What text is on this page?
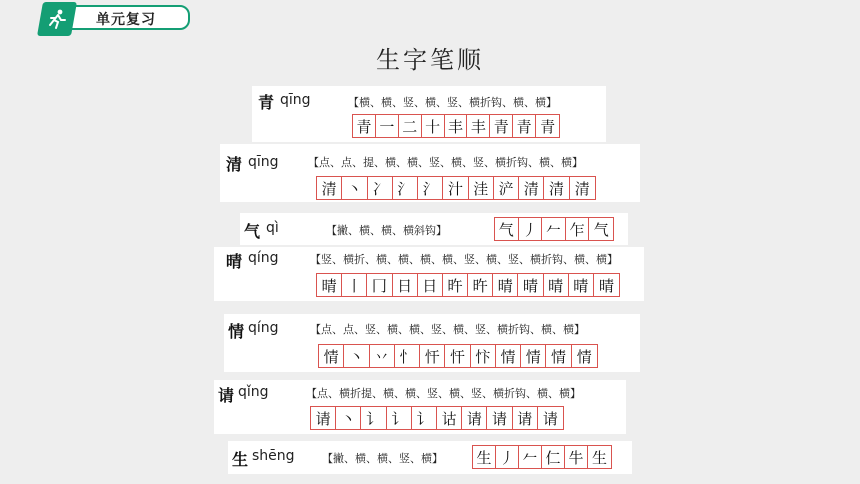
单元复习
生字笔顺
青 qīng	【横、横、竖、横、竖、横折钩、横、横】
青 一 二 十 丰 丰 青 青 青
清 qīng	【点、点、提、横、横、竖、横、竖、横折钩、横、横】
清 丶 冫 氵 氵 汁 洼 浐 清 清 清
气 qì	【撇、横、横、横斜钩】	气 丿 𠂉 乍 气
晴 qíng	【竖、横折、横、横、横、横、竖、横、竖、横折钩、横、横】
晴 丨 冂 日 日 旿 旿 晴 晴 晴 晴 晴
情 qíng	【点、点、竖、横、横、竖、横、竖、横折钩、横、横】
情 丶 丷 忄 忓 忓 忭 情 情 情 情
请 qǐng	【点、横折提、横、横、竖、横、竖、横折钩、横、横】
请 丶 讠 讠 讠 诂 请 请 请 请
生 shēng 【撇、横、横、竖、横】 生 丿 𠂉 仁 牛 生
